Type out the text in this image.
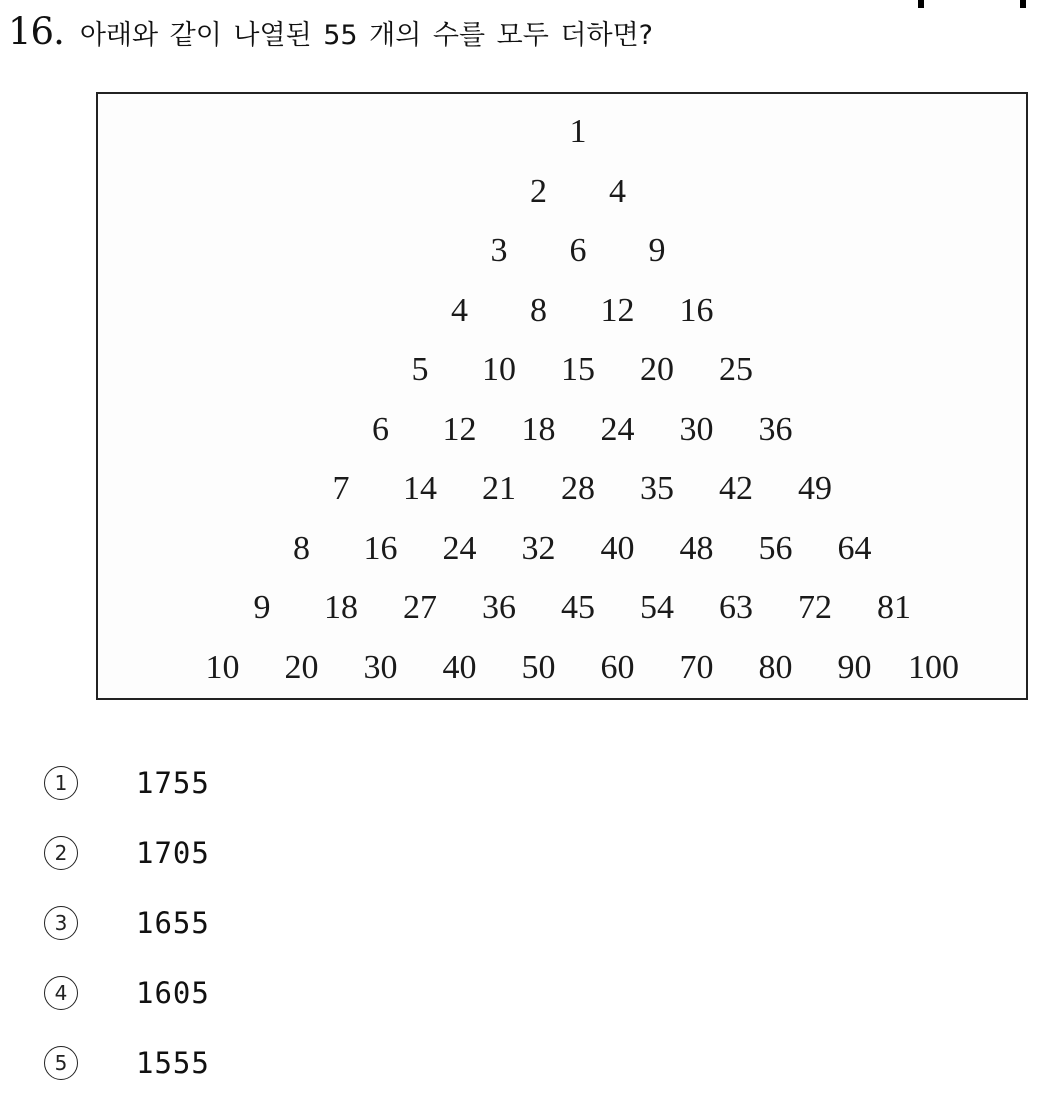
16. 아래와 같이 나열된 55 개의 수를 모두 더하면?
1
2	4
3	6	9
4	8	12	16
5	10	15	20	25
6	12	18	24	30	36
7	14	21	28	35	42	49
8	16	24	32	40	48	56	64
9	18	27	36	45	54	63	72	81
10	20	30	40	50	60	70	80	90	100
1	1755
2	1705
3	1655
4	1605
5	1555
